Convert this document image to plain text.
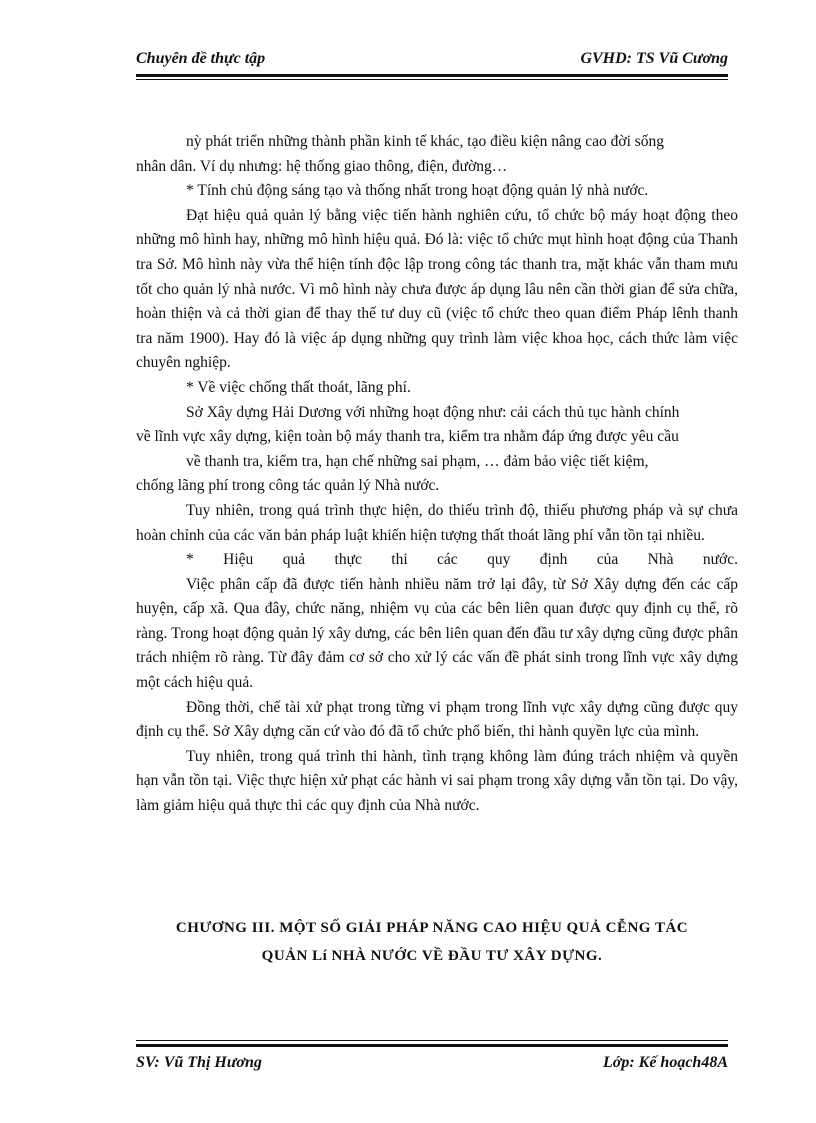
Chuyên đề thực tập	GVHD: TS Vũ Cương

nỳ phát triển những thành phần kinh tế khác, tạo điều kiện nâng cao đời sống

nhân dân. Ví dụ nhưng: hệ thống giao thông, điện, đường…

* Tính chủ động sáng tạo và thống nhất trong hoạt động quản lý nhà nước.

Đạt hiệu quả quản lý bằng việc tiến hành nghiên cứu, tổ chức bộ máy hoạt động theo những mô hình hay, những mô hình hiệu quả. Đó là: việc tổ chức mụt hình hoạt động của Thanh tra Sở. Mô hình này vừa thể hiện tính độc lập trong công tác thanh tra, mặt khác vẫn tham mưu tốt cho quản lý nhà nước. Vì mô hình này chưa được áp dụng lâu nên cần thời gian để sửa chữa, hoàn thiện và cả thời gian để thay thế tư duy cũ (việc tổ chức theo quan điểm Pháp lênh thanh tra năm 1900). Hay đó là việc áp dụng những quy trình làm việc khoa học, cách thức làm việc chuyên nghiệp.

* Về việc chống thất thoát, lãng phí.

Sở Xây dựng Hải Dương với những hoạt động như: cải cách thủ tục hành chính

về lĩnh vực xây dựng, kiện toàn bộ máy thanh tra, kiểm tra nhằm đáp ứng được yêu cầu

về thanh tra, kiểm tra, hạn chế những sai phạm, … đảm bảo việc tiết kiệm,

chống lãng phí trong công tác quản lý Nhà nước.

Tuy nhiên, trong quá trình thực hiện, do thiếu trình độ, thiếu phương pháp và sự chưa hoàn chỉnh của các văn bản pháp luật khiến hiện tượng thất thoát lãng phí vẫn tồn tại nhiều.

* Hiệu quả thực thi các quy định của Nhà nước.

Việc phân cấp đã được tiến hành nhiều năm trở lại đây, từ Sở Xây dựng đến các cấp huyện, cấp xã. Qua đây, chức năng, nhiệm vụ của các bên liên quan được quy định cụ thể, rõ ràng. Trong hoạt động quản lý xây dưng, các bên liên quan đến đầu tư xây dựng cũng được phân trách nhiệm rõ ràng. Từ đây đảm cơ sở cho xử lý các vấn đề phát sinh trong lĩnh vực xây dựng một cách hiệu quả.

Đồng thời, chế tài xử phạt trong từng vi phạm trong lĩnh vực xây dựng cũng được quy định cụ thể. Sở Xây dựng căn cứ vào đó đã tổ chức phổ biến, thi hành quyền lực của mình.

Tuy nhiên, trong quá trình thi hành, tình trạng không làm đúng trách nhiệm và quyền hạn vẫn tồn tại. Việc thực hiện xử phạt các hành vi sai phạm trong xây dựng vẫn tồn tại. Do vậy, làm giảm hiệu quả thực thi các quy định của Nhà nước.

CHƯƠNG III. MỘT SỐ GIẢI PHÁP NĂNG CAO HIỆU QUẢ CỄNG TÁC
QUẢN Lí NHÀ NƯỚC VỀ ĐẦU TƯ XÂY DỰNG.
SV: Vũ Thị Hương	Lớp: Kế hoạch48A
